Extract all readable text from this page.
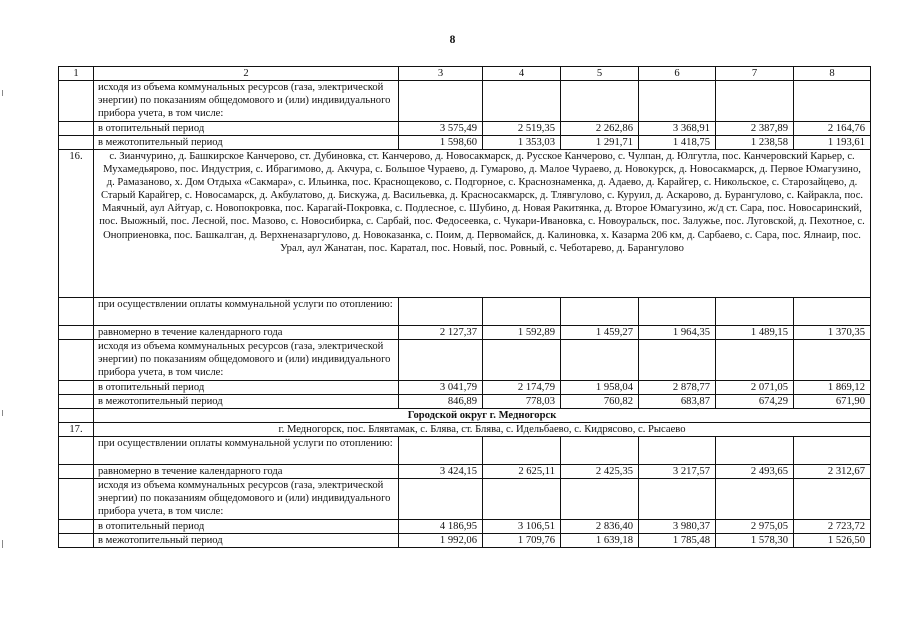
8
1	2	3	4	5	6	7	8
	исходя из объема коммунальных ресурсов (газа, электрической энергии) по показаниям общедомового и (или) индивидуального прибора учета, в том числе:						
	в отопительный период	3 575,49	2 519,35	2 262,86	3 368,91	2 387,89	2 164,76
	в межотопительный период	1 598,60	1 353,03	1 291,71	1 418,75	1 238,58	1 193,61
16.	с. Зианчурино, д. Башкирское Канчерово, ст. Дубиновка, ст. Канчерово, д. Новосакмарск, д. Русское Канчерово, с. Чулпан, д. Юлгутла, пос. Канчеровский Карьер, с. Мухамедьярово, пос. Индустрия, с. Ибрагимово, д. Акчура, с. Большое Чураево, д. Гумарово, д. Малое Чураево, д. Новокурск, д. Новосакмарск, д. Первое Юмагузино, д. Рамазаново, х. Дом Отдыха «Сакмара», с. Ильинка, пос. Краснощеково, с. Подгорное, с. Краснознаменка, д. Адаево, д. Карайгер, с. Никольское, с. Старозайцево, д. Старый Карайгер, с. Новосамарск, д. Акбулатово, д. Бискужа, д. Васильевка, д. Красносакмарск, д. Тлявгулово, с. Куруил, д. Аскарово, д. Бурангулово, с. Кайракла, пос. Маячный, аул Айтуар, с. Новопокровка, пос. Карагай-Покровка, с. Подлесное, с. Шубино, д. Новая Ракитянка, д. Второе Юмагузино, ж/д ст. Сара, пос. Новосаринский, пос. Выожный, пос. Лесной, пос. Мазово, с. Новосибирка, с. Сарбай, пос. Федосеевка, с. Чукари-Ивановка, с. Новоуральск, пос. Залужье, пос. Луговской, д. Пехотное, с. Оноприеновка, пос. Башкалган, д. Верхненазаргулово, д. Новоказанка, с. Поим, д. Первомайск, д. Калиновка, х. Казарма 206 км, д. Сарбаево, с. Сара, пос. Ялнаир, пос. Урал, аул Жанатан, пос. Каратал, пос. Новый, пос. Ровный, с. Чеботарево, д. Барангулово						
	при осуществлении оплаты коммунальной услуги по отоплению:						
	равномерно в течение календарного года	2 127,37	1 592,89	1 459,27	1 964,35	1 489,15	1 370,35
	исходя из объема коммунальных ресурсов (газа, электрической энергии) по показаниям общедомового и (или) индивидуального прибора учета, в том числе:						
	в отопительный период	3 041,79	2 174,79	1 958,04	2 878,77	2 071,05	1 869,12
	в межотопительный период	846,89	778,03	760,82	683,87	674,29	671,90
	Городской округ г. Медногорск						
17.	г. Медногорск, пос. Блявтамак, с. Блява, ст. Блява, с. Идельбаево, с. Кидрясово, с. Рысаево						
	при осуществлении оплаты коммунальной услуги по отоплению:						
	равномерно в течение календарного года	3 424,15	2 625,11	2 425,35	3 217,57	2 493,65	2 312,67
	исходя из объема коммунальных ресурсов (газа, электрической энергии) по показаниям общедомового и (или) индивидуального прибора учета, в том числе:						
	в отопительный период	4 186,95	3 106,51	2 836,40	3 980,37	2 975,05	2 723,72
	в межотопительный период	1 992,06	1 709,76	1 639,18	1 785,48	1 578,30	1 526,50
